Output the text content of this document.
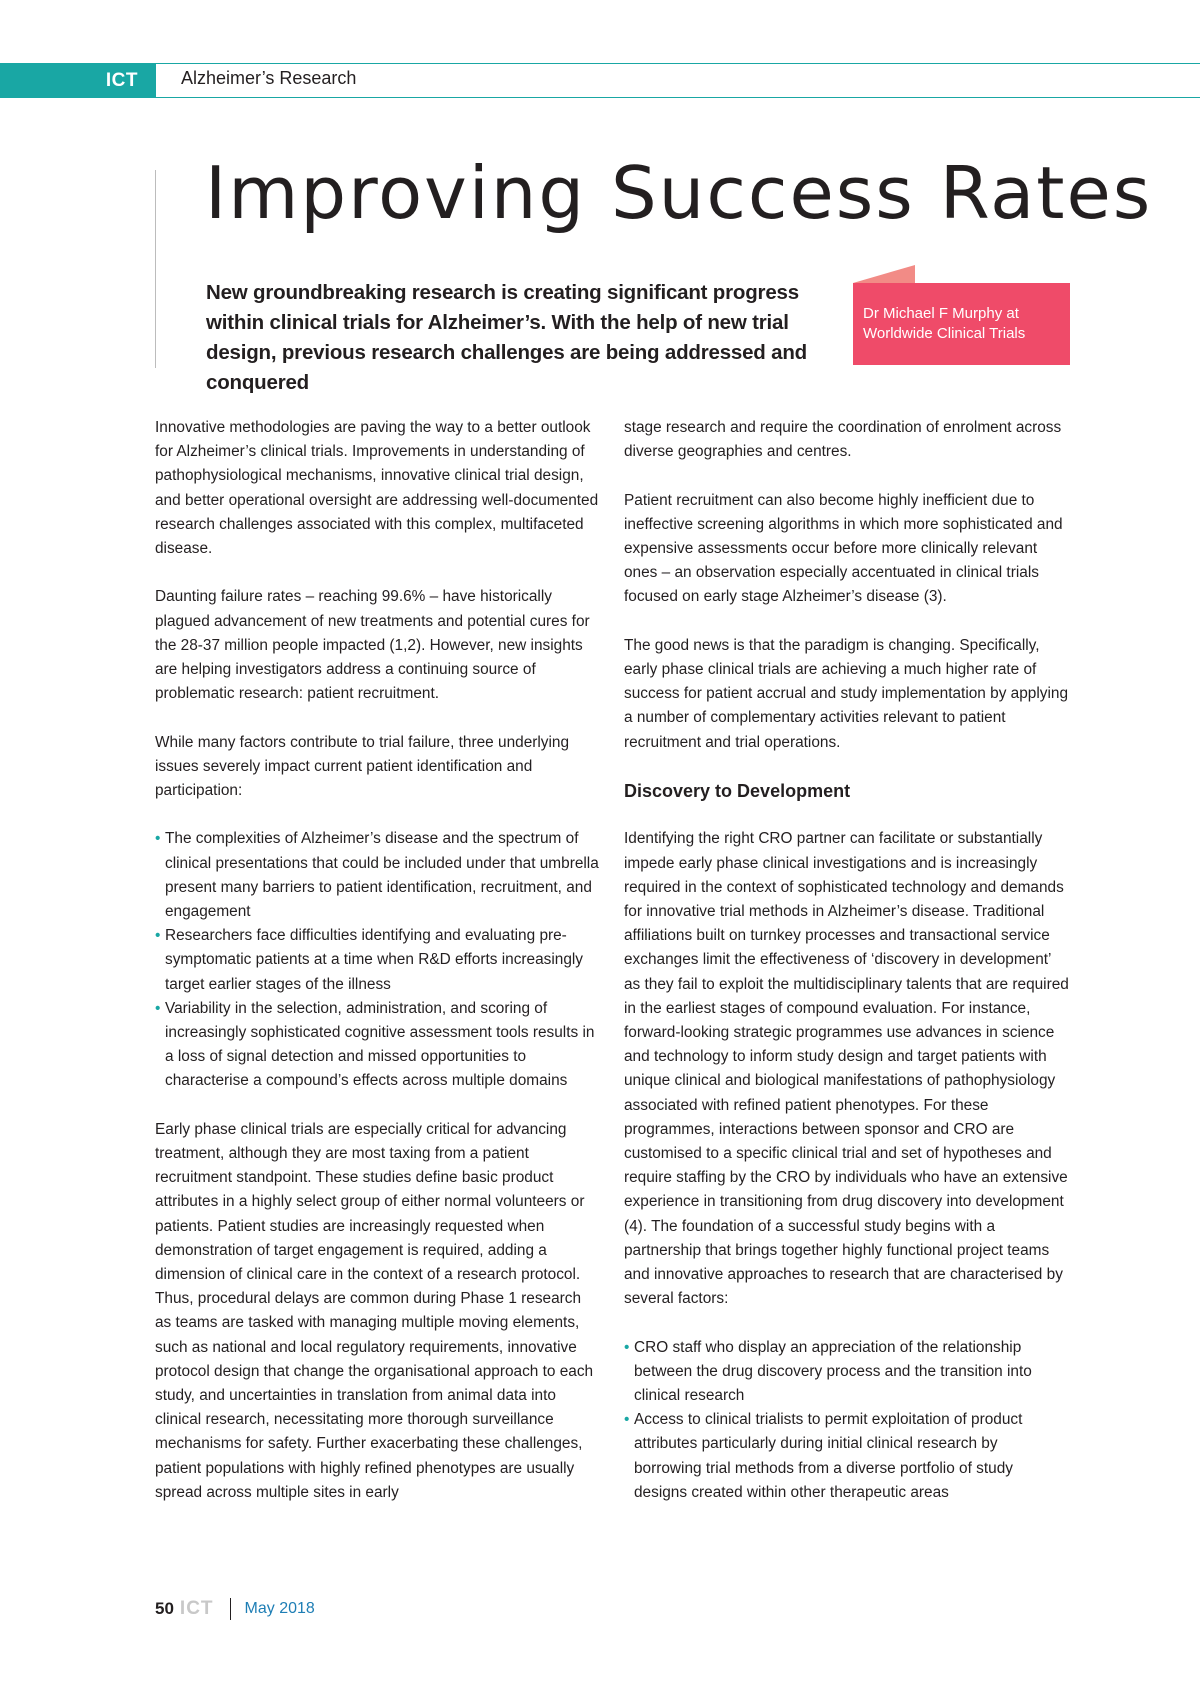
ICT	Alzheimer’s Research
Improving Success Rates

New groundbreaking research is creating significant progress within clinical trials for Alzheimer’s. With the help of new trial design, previous research challenges are being addressed and conquered

Dr Michael F Murphy at
Worldwide Clinical Trials

Innovative methodologies are paving the way to a better outlook for Alzheimer’s clinical trials. Improvements in understanding of pathophysiological mechanisms, innovative clinical trial design, and better operational oversight are addressing well-documented research challenges associated with this complex, multifaceted disease.

Daunting failure rates – reaching 99.6% – have historically plagued advancement of new treatments and potential cures for the 28-37 million people impacted (1,2). However, new insights are helping investigators address a continuing source of problematic research: patient recruitment.

While many factors contribute to trial failure, three underlying issues severely impact current patient identification and participation:

• The complexities of Alzheimer’s disease and the spectrum of clinical presentations that could be included under that umbrella present many barriers to patient identification, recruitment, and engagement
• Researchers face difficulties identifying and evaluating pre-symptomatic patients at a time when R&D efforts increasingly target earlier stages of the illness
• Variability in the selection, administration, and scoring of increasingly sophisticated cognitive assessment tools results in a loss of signal detection and missed opportunities to characterise a compound’s effects across multiple domains

Early phase clinical trials are especially critical for advancing treatment, although they are most taxing from a patient recruitment standpoint. These studies define basic product attributes in a highly select group of either normal volunteers or patients. Patient studies are increasingly requested when demonstration of target engagement is required, adding a dimension of clinical care in the context of a research protocol. Thus, procedural delays are common during Phase 1 research as teams are tasked with managing multiple moving elements, such as national and local regulatory requirements, innovative protocol design that change the organisational approach to each study, and uncertainties in translation from animal data into clinical research, necessitating more thorough surveillance mechanisms for safety. Further exacerbating these challenges, patient populations with highly refined phenotypes are usually spread across multiple sites in early

stage research and require the coordination of enrolment across diverse geographies and centres.

Patient recruitment can also become highly inefficient due to ineffective screening algorithms in which more sophisticated and expensive assessments occur before more clinically relevant ones – an observation especially accentuated in clinical trials focused on early stage Alzheimer’s disease (3).

The good news is that the paradigm is changing. Specifically, early phase clinical trials are achieving a much higher rate of success for patient accrual and study implementation by applying a number of complementary activities relevant to patient recruitment and trial operations.

Discovery to Development

Identifying the right CRO partner can facilitate or substantially impede early phase clinical investigations and is increasingly required in the context of sophisticated technology and demands for innovative trial methods in Alzheimer’s disease. Traditional affiliations built on turnkey processes and transactional service exchanges limit the effectiveness of ‘discovery in development’ as they fail to exploit the multidisciplinary talents that are required in the earliest stages of compound evaluation. For instance, forward-looking strategic programmes use advances in science and technology to inform study design and target patients with unique clinical and biological manifestations of pathophysiology associated with refined patient phenotypes. For these programmes, interactions between sponsor and CRO are customised to a specific clinical trial and set of hypotheses and require staffing by the CRO by individuals who have an extensive experience in transitioning from drug discovery into development (4). The foundation of a successful study begins with a partnership that brings together highly functional project teams and innovative approaches to research that are characterised by several factors:

• CRO staff who display an appreciation of the relationship between the drug discovery process and the transition into clinical research
• Access to clinical trialists to permit exploitation of product attributes particularly during initial clinical research by borrowing trial methods from a diverse portfolio of study designs created within other therapeutic areas
50 ICT May 2018
